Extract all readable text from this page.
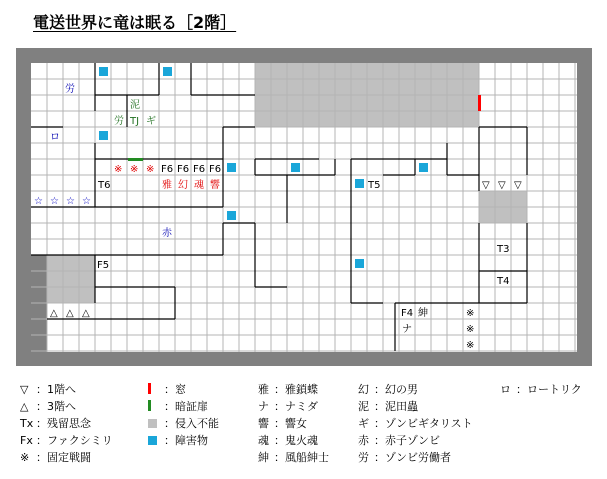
電送世界に竜は眠る［2階］
労
泥
労 TJ ギ
ロ
※ ※ ※ F6 F6 F6 F6
雅 幻 魂 響
T6	T5
☆ ☆ ☆ ☆
赤
F5
T3
T4
▽ ▽ ▽
△ △ △	F4 紳
ナ
※
※
※
▽ ：1階へ
△ ：3階へ
Tx ：残留思念
Fx ：ファクシミリ
※ ：固定戦闘
：窓
：暗証扉
：侵入不能
：障害物
雅 ：雅鎖蝶
ナ ：ナミダ
響 ：響女
魂 ：鬼火魂
紳 ：風船紳士
幻 ：幻の男
泥 ：泥田蟲
ギ ：ゾンビギタリスト
赤 ：赤子ゾンビ
労 ：ゾンビ労働者
ロ ：ロートリク
